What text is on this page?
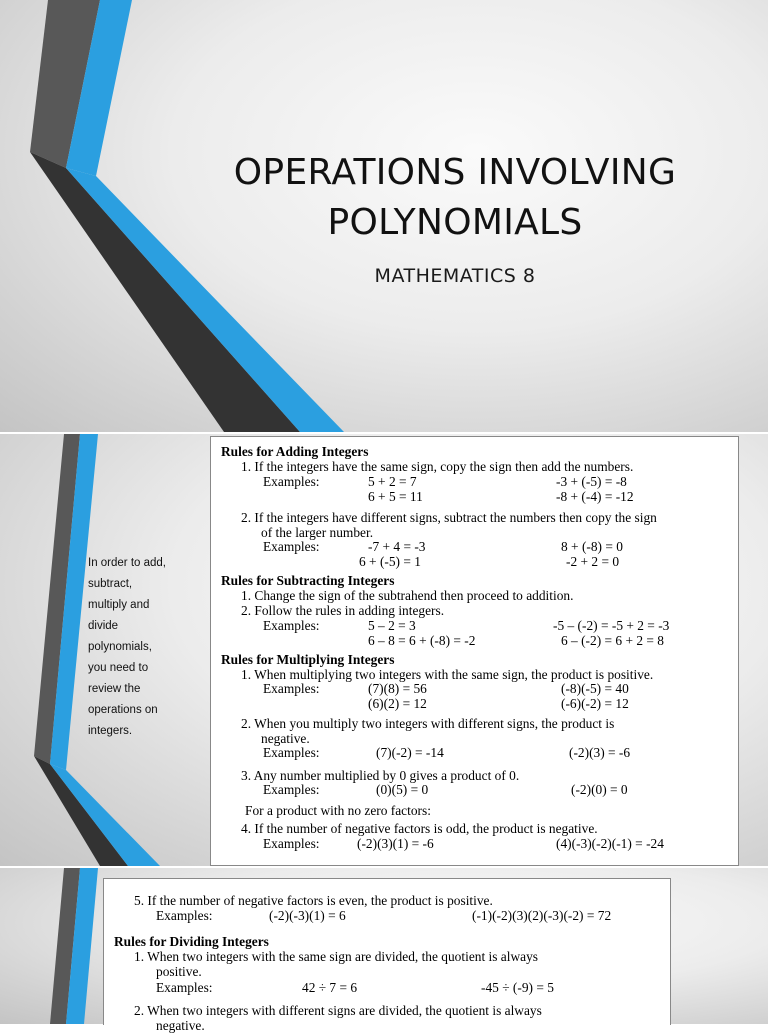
OPERATIONS INVOLVING
POLYNOMIALS
MATHEMATICS 8
In order to add,
subtract,
multiply and
divide
polynomials,
you need to
review the
operations on
integers.
Rules for Adding Integers
1. If the integers have the same sign, copy the sign then add the numbers.
Examples:	5 + 2 = 7	-3 + (-5) = -8
6 + 5 = 11	-8 + (-4) = -12
2. If the integers have different signs, subtract the numbers then copy the sign
of the larger number.
Examples:	-7 + 4 = -3	8 + (-8) = 0
6 + (-5) = 1	-2 + 2 = 0
Rules for Subtracting Integers
1. Change the sign of the subtrahend then proceed to addition.
2. Follow the rules in adding integers.
Examples:	5 – 2 = 3	-5 – (-2) = -5 + 2 = -3
6 – 8 = 6 + (-8) = -2	6 – (-2) = 6 + 2 = 8
Rules for Multiplying Integers
1. When multiplying two integers with the same sign, the product is positive.
Examples:	(7)(8) = 56	(-8)(-5) = 40
(6)(2) = 12	(-6)(-2) = 12
2. When you multiply two integers with different signs, the product is
negative.
Examples:	(7)(-2) = -14	(-2)(3) = -6
3. Any number multiplied by 0 gives a product of 0.
Examples:	(0)(5) = 0	(-2)(0) = 0
For a product with no zero factors:
4. If the number of negative factors is odd, the product is negative.
Examples:	(-2)(3)(1) = -6	(4)(-3)(-2)(-1) = -24
5. If the number of negative factors is even, the product is positive.
Examples:	(-2)(-3)(1) = 6	(-1)(-2)(3)(2)(-3)(-2) = 72
Rules for Dividing Integers
1. When two integers with the same sign are divided, the quotient is always
positive.
Examples:	42 ÷ 7 = 6	-45 ÷ (-9) = 5
2. When two integers with different signs are divided, the quotient is always
negative.
